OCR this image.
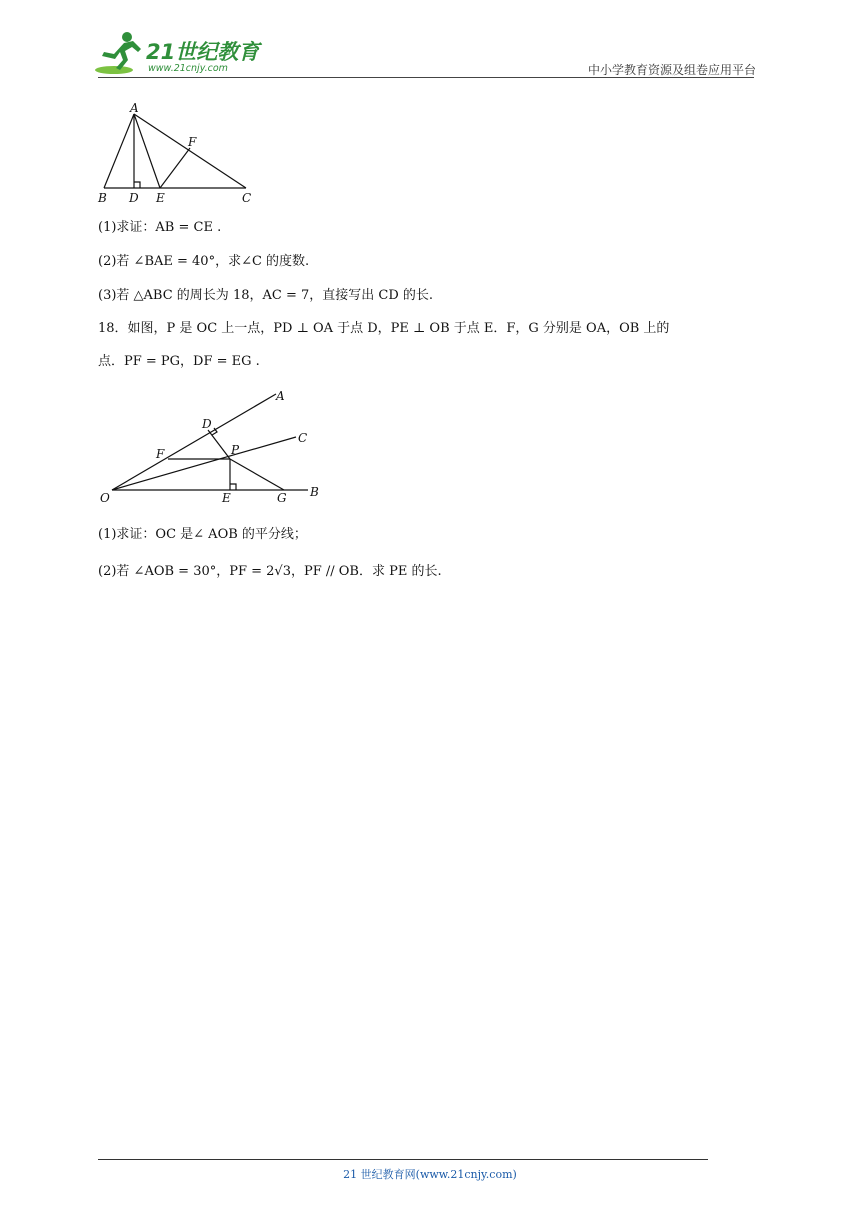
21世纪教育
www.21cnjy.com	中小学教育资源及组卷应用平台
A
F
B D E	C
(1)求证：AB = CE .
(2)若 ∠BAE = 40°，求∠C 的度数.
(3)若 △ABC 的周长为 18，AC = 7，直接写出 CD 的长.
18．如图，P 是 OC 上一点，PD ⊥ OA 于点 D，PE ⊥ OB 于点 E．F，G 分别是 OA，OB 上的
点．PF = PG，DF = EG .
A
D
C
F	P
O	E	G B
(1)求证：OC 是∠ AOB 的平分线；
(2)若 ∠AOB = 30°，PF = 2√3，PF // OB．求 PE 的长.
21 世纪教育网(www.21cnjy.com)
